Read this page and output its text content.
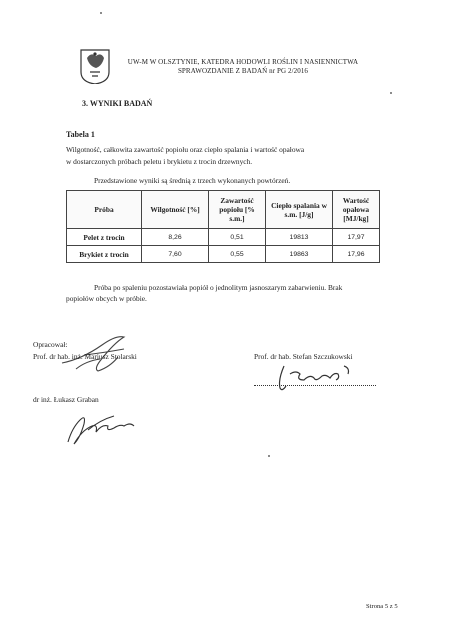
UW-M W OLSZTYNIE, KATEDRA HODOWLI ROŚLIN I NASIENNICTWA
SPRAWOZDANIE Z BADAŃ nr PG 2/2016
3. WYNIKI BADAŃ
Tabela 1
Wilgotność, całkowita zawartość popiołu oraz ciepło spalania i wartość opałowa
w dostarczonych próbach peletu i brykietu z trocin drzewnych.
Przedstawione wyniki są średnią z trzech wykonanych powtórzeń.
Próba	Wilgotność [%]	Zawartość popiołu [% s.m.]	Ciepło spalania w s.m. [J/g]	Wartość opałowa [MJ/kg]
Pelet z trocin	8,26	0,51	19813	17,97
Brykiet z trocin	7,60	0,55	19863	17,96
Próba po spaleniu pozostawiała popiół o jednolitym jasnoszarym zabarwieniu. Brak
popiołów obcych w próbie.
Opracował:
Prof. dr hab. inż. Mariusz Stolarski	Prof. dr hab. Stefan Szczukowski
dr inż. Łukasz Graban
Strona 5 z 5
